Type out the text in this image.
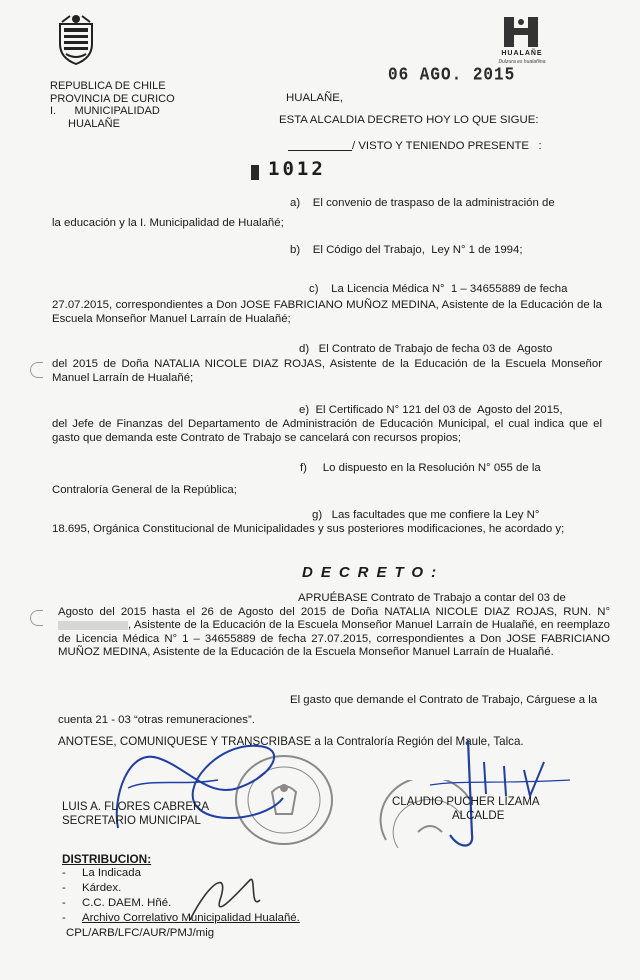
HUALAÑE
Dulzura es hualañina
REPUBLICA DE CHILE
PROVINCIA DE CURICO
I.      MUNICIPALIDAD
HUALAÑE
HUALAÑE,
06 AGO. 2015
ESTA ALCALDIA DECRETO HOY LO QUE SIGUE:
/ VISTO Y TENIENDO PRESENTE   :
1012
a)    El convenio de traspaso de la administración de
la educación y la I. Municipalidad de Hualañé;
b)    El Código del Trabajo,  Ley N° 1 de 1994;
c)    La Licencia Médica N°  1 – 34655889 de fecha
27.07.2015, correspondientes a Don JOSE FABRICIANO MUÑOZ MEDINA, Asistente de la Educación de la Escuela Monseñor Manuel Larraín de Hualañé;
d)   El Contrato de Trabajo de fecha 03 de  Agosto
del 2015 de Doña NATALIA NICOLE DIAZ ROJAS, Asistente de la Educación de la Escuela Monseñor Manuel Larraín de Hualañé;
e)  El Certificado N° 121 del 03 de  Agosto del 2015,
del Jefe de Finanzas del Departamento de Administración de Educación Municipal, el cual indica que el gasto que demanda este Contrato de Trabajo se cancelará con recursos propios;
f)     Lo dispuesto en la Resolución N° 055 de la
Contraloría General de la República;
g)   Las facultades que me confiere la Ley N°
18.695, Orgánica Constitucional de Municipalidades y sus posteriores modificaciones, he acordado y;
DECRETO:
APRUÉBASE Contrato de Trabajo a contar del 03 de
Agosto del 2015 hasta el 26 de Agosto del 2015 de Doña NATALIA NICOLE DIAZ ROJAS, RUN. N° , Asistente de la Educación de la Escuela Monseñor Manuel Larraín de Hualañé, en reemplazo de Licencia Médica N° 1 – 34655889 de fecha 27.07.2015, correspondientes a Don JOSE FABRICIANO MUÑOZ MEDINA, Asistente de la Educación de la Escuela Monseñor Manuel Larraín de Hualañé.
El gasto que demande el Contrato de Trabajo, Cárguese a la
cuenta 21 - 03 “otras remuneraciones”.
ANOTESE, COMUNIQUESE Y TRANSCRIBASE a la Contraloría Región del Maule, Talca.
LUIS A. FLORES CABRERA
SECRETARIO MUNICIPAL
CLAUDIO PUCHER LIZAMA
ALCALDE
DISTRIBUCION:
- La Indicada
- Kárdex.
- C.C. DAEM. Hñé.
- Archivo Correlativo Municipalidad Hualañé.
CPL/ARB/LFC/AUR/PMJ/mig
